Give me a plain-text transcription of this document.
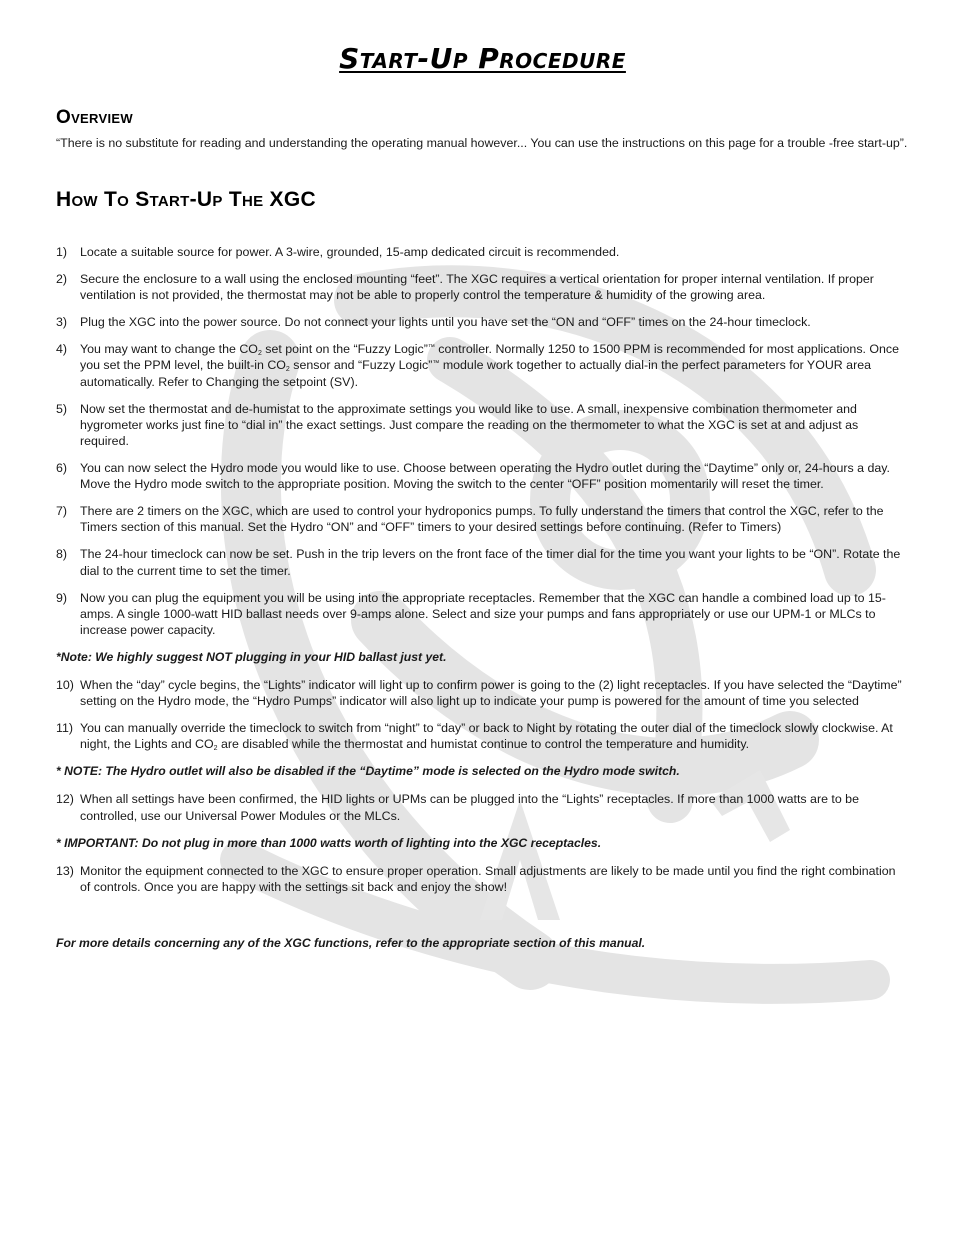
Start-Up Procedure
Overview

“There is no substitute for reading and understanding the operating manual however... You can use the instructions on this page for a trouble -free start-up”.

How To Start-Up The XGC
1)	Locate a suitable source for power. A 3-wire, grounded, 15-amp dedicated circuit is recommended.
2)	Secure the enclosure to a wall using the enclosed mounting “feet”. The XGC requires a vertical orientation for proper internal ventilation. If proper ventilation is not provided, the thermostat may not be able to properly control the temperature & humidity of the growing area.
3)	Plug the XGC into the power source. Do not connect your lights until you have set the “ON and “OFF” times on the 24-hour timeclock.
4)	You may want to change the $CO_2$ set point on the “Fuzzy Logic”™ controller. Normally 1250 to 1500 PPM is recommended for most applications. Once you set the PPM level, the built-in $CO_2$ sensor and “Fuzzy Logic”™ module work together to actually dial-in the perfect parameters for YOUR area automatically. Refer to Changing the setpoint (SV).
5)	Now set the thermostat and de-humistat to the approximate settings you would like to use. A small, inexpensive combination thermometer and hygrometer works just fine to “dial in” the exact settings. Just compare the reading on the thermometer to what the XGC is set at and adjust as required.
6)	You can now select the Hydro mode you would like to use. Choose between operating the Hydro outlet during the “Daytime” only or, 24-hours a day. Move the Hydro mode switch to the appropriate position. Moving the switch to the center “OFF” position momentarily will reset the timer.
7)	There are 2 timers on the XGC, which are used to control your hydroponics pumps. To fully understand the timers that control the XGC, refer to the Timers section of this manual. Set the Hydro “ON” and “OFF” timers to your desired settings before continuing. (Refer to Timers)
8)	The 24-hour timeclock can now be set. Push in the trip levers on the front face of the timer dial for the time you want your lights to be “ON”. Rotate the dial to the current time to set the timer.
9)	Now you can plug the equipment you will be using into the appropriate receptacles. Remember that the XGC can handle a combined load up to 15-amps. A single 1000-watt HID ballast needs over 9-amps alone. Select and size your pumps and fans appropriately or use our UPM-1 or MLCs to increase power capacity.
*Note: We highly suggest NOT plugging in your HID ballast just yet.
10) When the “day” cycle begins, the “Lights” indicator will light up to confirm power is going to the (2) light receptacles. If you have selected the “Daytime” setting on the Hydro mode, the “Hydro Pumps” indicator will also light up to indicate your pump is powered for the amount of time you selected
11) You can manually override the timeclock to switch from “night” to “day” or back to Night by rotating the outer dial of the timeclock slowly clockwise. At night, the Lights and $CO_2$ are disabled while the thermostat and humistat continue to control the temperature and humidity.
* NOTE: The Hydro outlet will also be disabled if the “Daytime” mode is selected on the Hydro mode switch.
12) When all settings have been confirmed, the HID lights or UPMs can be plugged into the “Lights” receptacles. If more than 1000 watts are to be controlled, use our Universal Power Modules or the MLCs.
* IMPORTANT: Do not plug in more than 1000 watts worth of lighting into the XGC receptacles.
13) Monitor the equipment connected to the XGC to ensure proper operation. Small adjustments are likely to be made until you find the right combination of controls. Once you are happy with the settings sit back and enjoy the show!
For more details concerning any of the XGC functions, refer to the appropriate section of this manual.
